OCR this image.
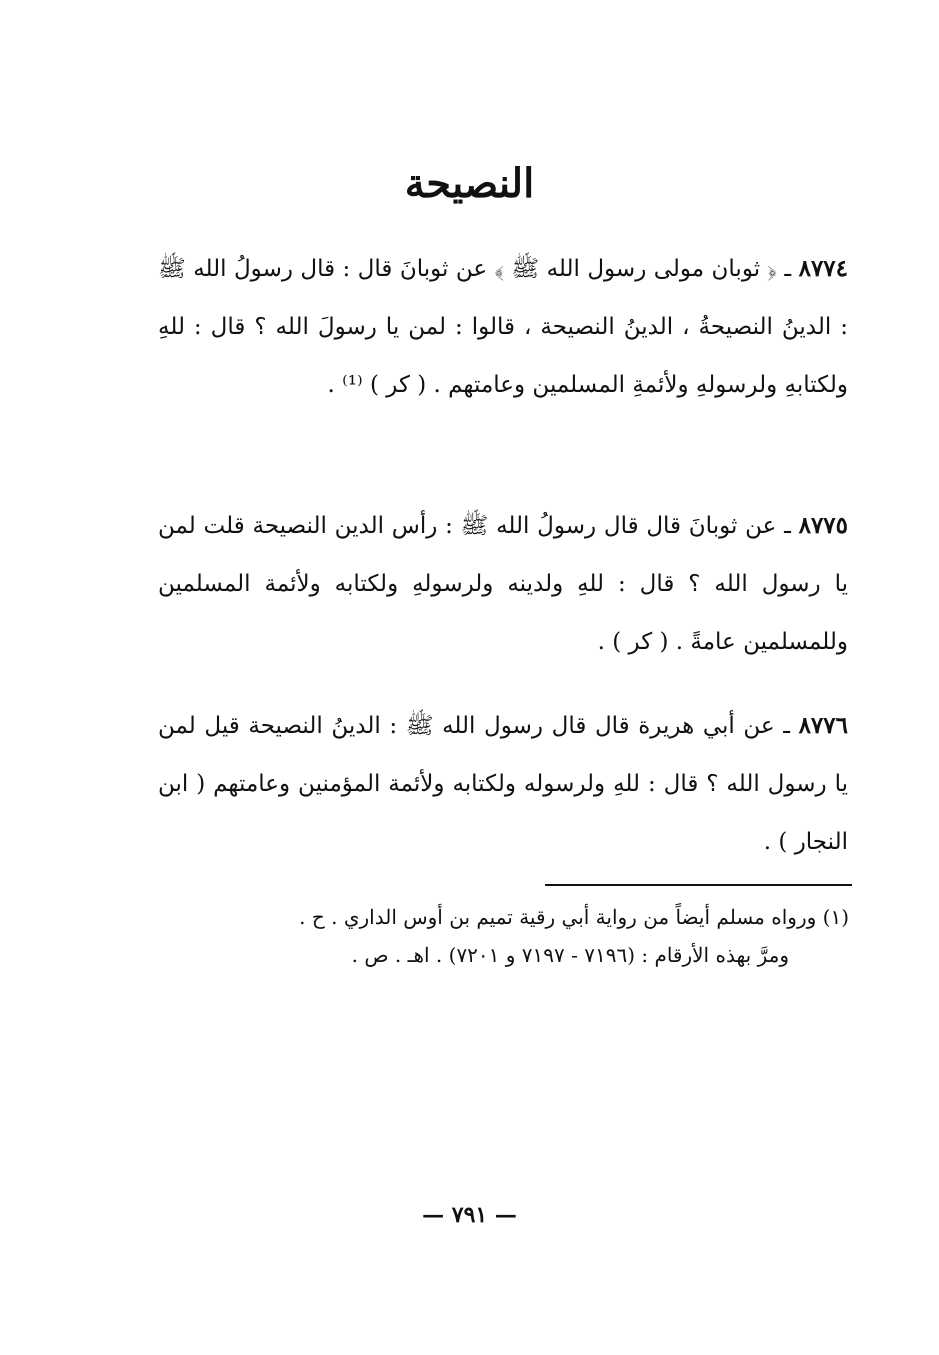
النصيحة
٨٧٧٤ ـ ﴿ ثوبان مولى رسول الله ﷺ ﴾ عن ثوبانَ قال : قال رسولُ الله ﷺ : الدينُ النصيحةُ ، الدينُ النصيحة ، قالوا : لمن يا رسولَ الله ؟ قال : للهِ ولكتابهِ ولرسولهِ ولأئمةِ المسلمين وعامتهم . ( كر ) ⁽¹⁾ .
٨٧٧٥ ـ عن ثوبانَ قال قال رسولُ الله ﷺ : رأس الدين النصيحة قلت لمن يا رسول الله ؟ قال : للهِ ولدينه ولرسولهِ ولكتابه ولأئمة المسلمين وللمسلمين عامةً . ( كر ) .
٨٧٧٦ ـ عن أبي هريرة قال قال رسول الله ﷺ : الدينُ النصيحة قيل لمن يا رسول الله ؟ قال : للهِ ولرسوله ولكتابه ولأئمة المؤمنين وعامتهم ( ابن النجار ) .
(١) ورواه مسلم أيضاً من رواية أبي رقية تميم بن أوس الداري . ح .
ومرَّ بهذه الأرقام : (٧١٩٦ - ٧١٩٧ و ٧٢٠١) . اهـ . ص .
— ٧٩١ —
